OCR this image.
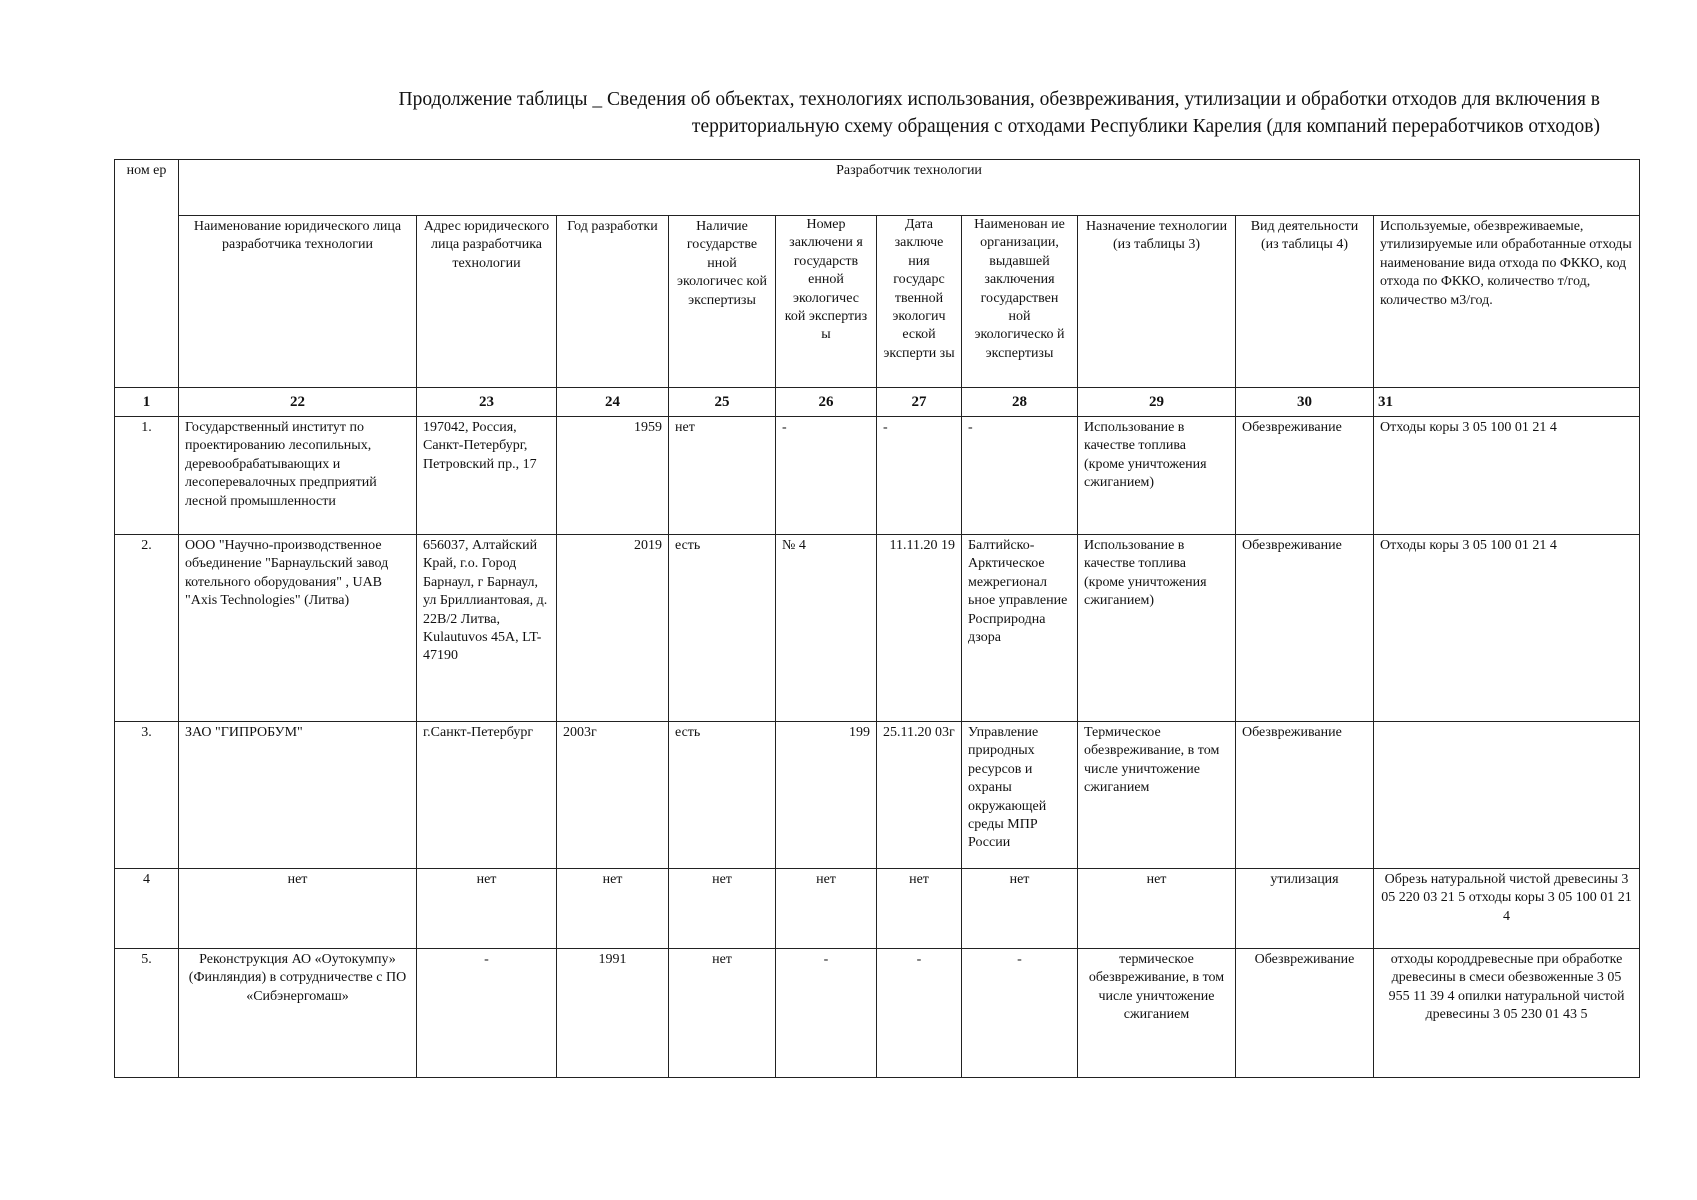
Продолжение таблицы _ Сведения об объектах, технологиях использования, обезвреживания, утилизации и обработки отходов для включения в
территориальную схему обращения с отходами Республики Карелия (для компаний переработчиков отходов)
ном ер	Разработчик технологии									
	Наименование юридического лица разработчика технологии	Адрес юридического лица разработчика технологии	Год разработки	Наличие государстве нной экологичес кой экспертизы	Номер заключени я государств енной экологичес кой экспертиз ы	Дата заключе ния государс твенной экологич еской эксперти зы	Наименован ие организации, выдавшей заключения государствен ной экологическо й экспертизы	Назначение технологии (из таблицы 3)	Вид деятельности (из таблицы 4)	Используемые, обезвреживаемые, утилизируемые или обработанные отходы наименование вида отхода по ФККО, код отхода по ФККО, количество т/год, количество м3/год.
1	22	23	24	25	26	27	28	29	30	31
1.	Государственный институт по проектированию лесопильных, деревообрабатывающих и лесоперевалочных предприятий лесной промышленности	197042, Россия, Санкт-Петербург, Петровский пр., 17	1959	нет	-	-	-	Использование в качестве топлива (кроме уничтожения сжиганием)	Обезвреживание	Отходы коры 3 05 100 01 21 4
2.	ООО "Научно-производственное объединение "Барнаульский завод котельного оборудования" , UAB "Axis Technologies" (Литва)	656037, Алтайский Край, г.о. Город Барнаул, г Барнаул, ул Бриллиантовая, д. 22В/2 Литва, Kulautuvos 45A, LT-47190	2019	есть	№ 4	11.11.20 19	Балтийско-Арктическое межрегионал ьное управление Росприродна дзора	Использование в качестве топлива (кроме уничтожения сжиганием)	Обезвреживание	Отходы коры 3 05 100 01 21 4
3.	ЗАО "ГИПРОБУМ"	г.Санкт-Петербург	2003г	есть	199	25.11.20 03г	Управление природных ресурсов и охраны окружающей среды МПР России	Термическое обезвреживание, в том числе уничтожение сжиганием	Обезвреживание	
4	нет	нет	нет	нет	нет	нет	нет	нет	утилизация	Обрезь натуральной чистой древесины 3 05 220 03 21 5 отходы коры 3 05 100 01 21 4
5.	Реконструкция АО «Оутокумпу» (Финляндия) в сотрудничестве с ПО «Сибэнергомаш»	-	1991	нет	-	-	-	термическое обезвреживание, в том числе уничтожение сжиганием	Обезвреживание	отходы короддревесные при обработке древесины в смеси обезвоженные 3 05 955 11 39 4 опилки натуральной чистой древесины 3 05 230 01 43 5
